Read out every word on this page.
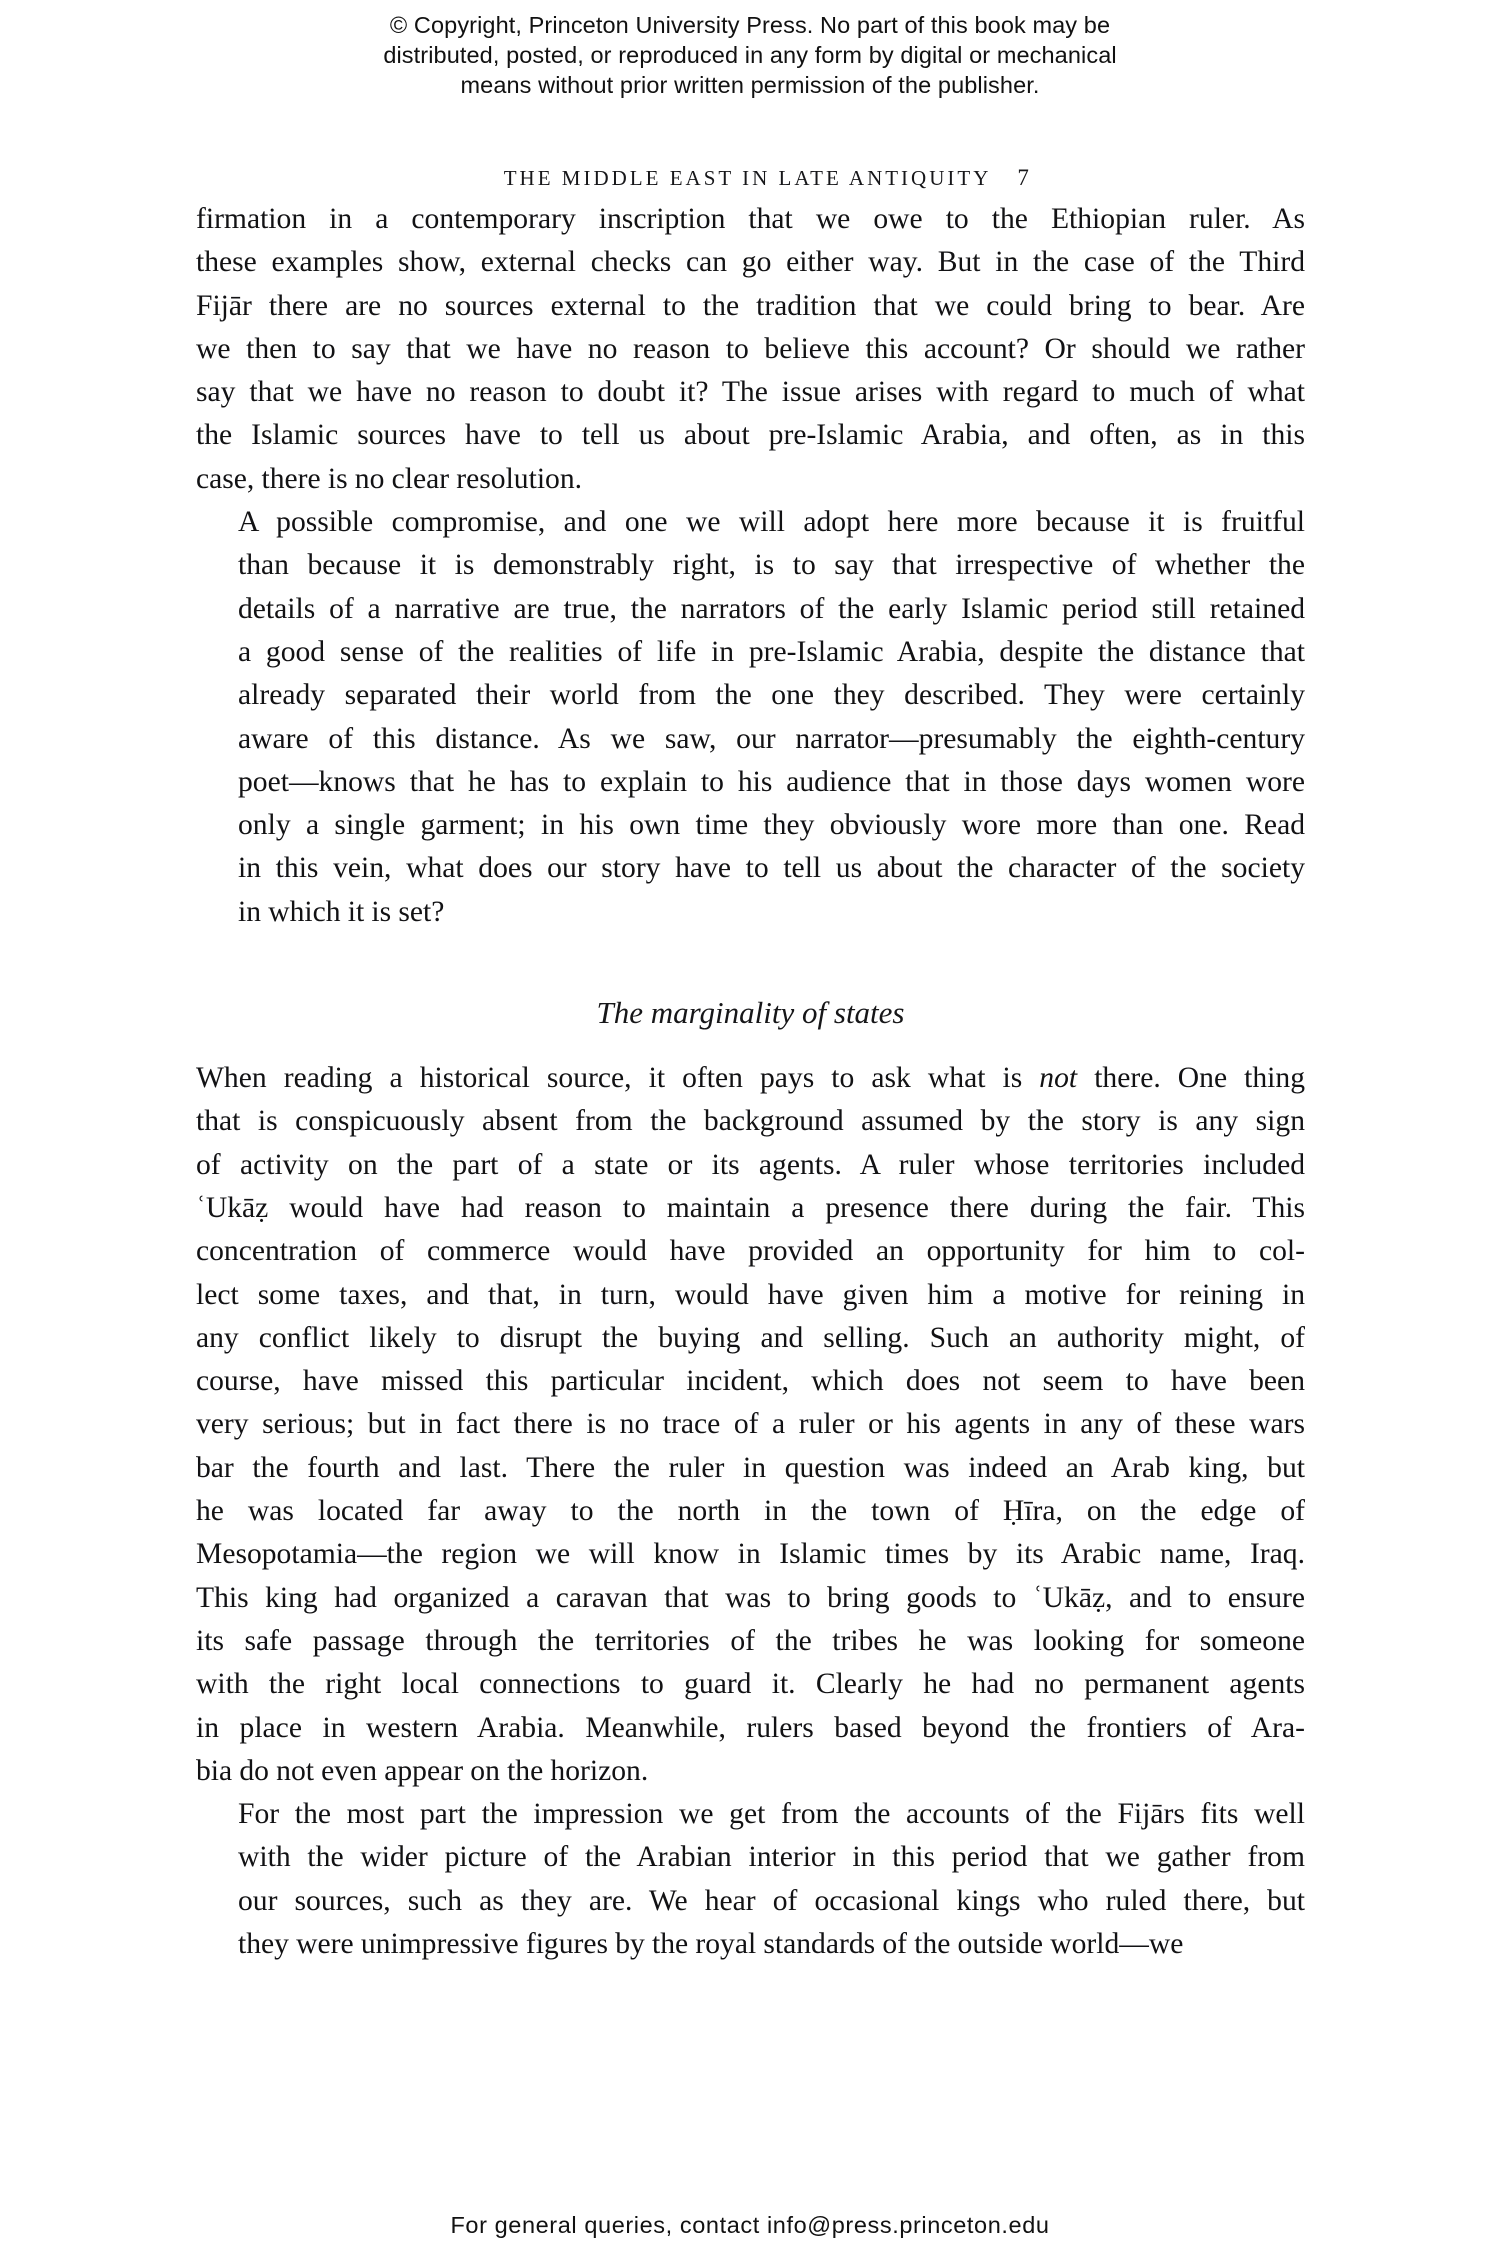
© Copyright, Princeton University Press. No part of this book may be
distributed, posted, or reproduced in any form by digital or mechanical
means without prior written permission of the publisher.

THE MIDDLE EAST IN LATE ANTIQUITY 7

firmation in a contemporary inscription that we owe to the Ethiopian ruler. As
these examples show, external checks can go either way. But in the case of the Third
Fijār there are no sources external to the tradition that we could bring to bear. Are
we then to say that we have no reason to believe this account? Or should we rather
say that we have no reason to doubt it? The issue arises with regard to much of what
the Islamic sources have to tell us about pre-Islamic Arabia, and often, as in this
case, there is no clear resolution.

A possible compromise, and one we will adopt here more because it is fruitful
than because it is demonstrably right, is to say that irrespective of whether the
details of a narrative are true, the narrators of the early Islamic period still retained
a good sense of the realities of life in pre-Islamic Arabia, despite the distance that
already separated their world from the one they described. They were certainly
aware of this distance. As we saw, our narrator—presumably the eighth-century
poet—knows that he has to explain to his audience that in those days women wore
only a single garment; in his own time they obviously wore more than one. Read
in this vein, what does our story have to tell us about the character of the society
in which it is set?

The marginality of states

When reading a historical source, it often pays to ask what is not there. One thing
that is conspicuously absent from the background assumed by the story is any sign
of activity on the part of a state or its agents. A ruler whose territories included
ʿUkāẓ would have had reason to maintain a presence there during the fair. This
concentration of commerce would have provided an opportunity for him to col-
lect some taxes, and that, in turn, would have given him a motive for reining in
any conflict likely to disrupt the buying and selling. Such an authority might, of
course, have missed this particular incident, which does not seem to have been
very serious; but in fact there is no trace of a ruler or his agents in any of these wars
bar the fourth and last. There the ruler in question was indeed an Arab king, but
he was located far away to the north in the town of Ḥīra, on the edge of
Mesopotamia—the region we will know in Islamic times by its Arabic name, Iraq.
This king had organized a caravan that was to bring goods to ʿUkāẓ, and to ensure
its safe passage through the territories of the tribes he was looking for someone
with the right local connections to guard it. Clearly he had no permanent agents
in place in western Arabia. Meanwhile, rulers based beyond the frontiers of Ara-
bia do not even appear on the horizon.

For the most part the impression we get from the accounts of the Fijārs fits well
with the wider picture of the Arabian interior in this period that we gather from
our sources, such as they are. We hear of occasional kings who ruled there, but
they were unimpressive figures by the royal standards of the outside world—we

For general queries, contact info@press.princeton.edu
